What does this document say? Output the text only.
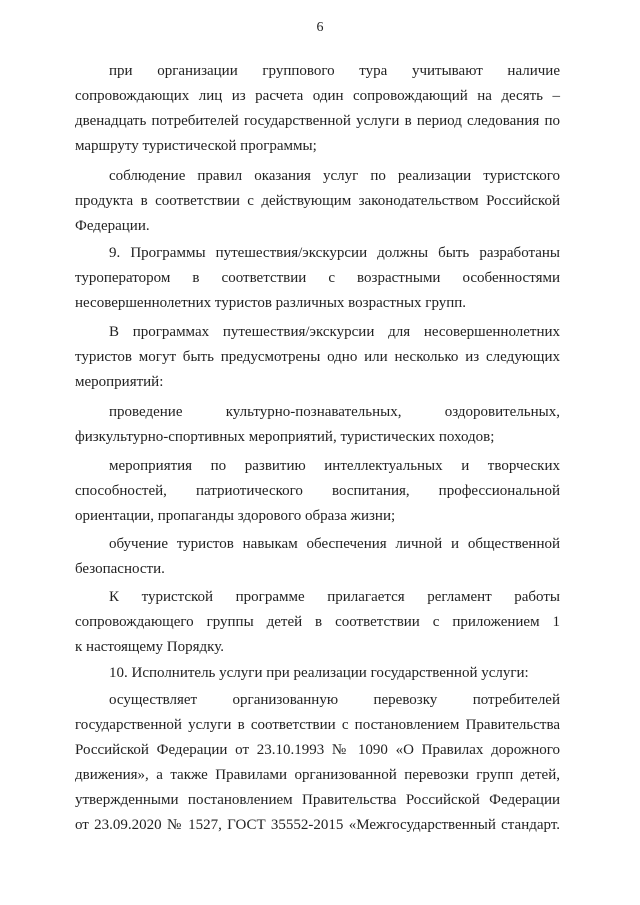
6
при организации группового тура учитывают наличие
сопровождающих лиц из расчета один сопровождающий на десять –
двенадцать потребителей государственной услуги в период следования по
маршруту туристической программы;
соблюдение правил оказания услуг по реализации туристского
продукта в соответствии с действующим законодательством Российской
Федерации.
9. Программы путешествия/экскурсии должны быть разработаны
туроператором в соответствии с возрастными особенностями
несовершеннолетних туристов различных возрастных групп.
В программах путешествия/экскурсии для несовершеннолетних
туристов могут быть предусмотрены одно или несколько из следующих
мероприятий:
проведение культурно-познавательных, оздоровительных,
физкультурно-спортивных мероприятий, туристических походов;
мероприятия по развитию интеллектуальных и творческих
способностей, патриотического воспитания, профессиональной
ориентации, пропаганды здорового образа жизни;
обучение туристов навыкам обеспечения личной и общественной
безопасности.
К туристской программе прилагается регламент работы
сопровождающего группы детей в соответствии с приложением 1
к настоящему Порядку.
10. Исполнитель услуги при реализации государственной услуги:
осуществляет организованную перевозку потребителей
государственной услуги в соответствии с постановлением Правительства
Российской Федерации от 23.10.1993 № 1090 «О Правилах дорожного
движения», а также Правилами организованной перевозки групп детей,
утвержденными постановлением Правительства Российской Федерации
от 23.09.2020 № 1527, ГОСТ 35552-2015 «Межгосударственный стандарт.
